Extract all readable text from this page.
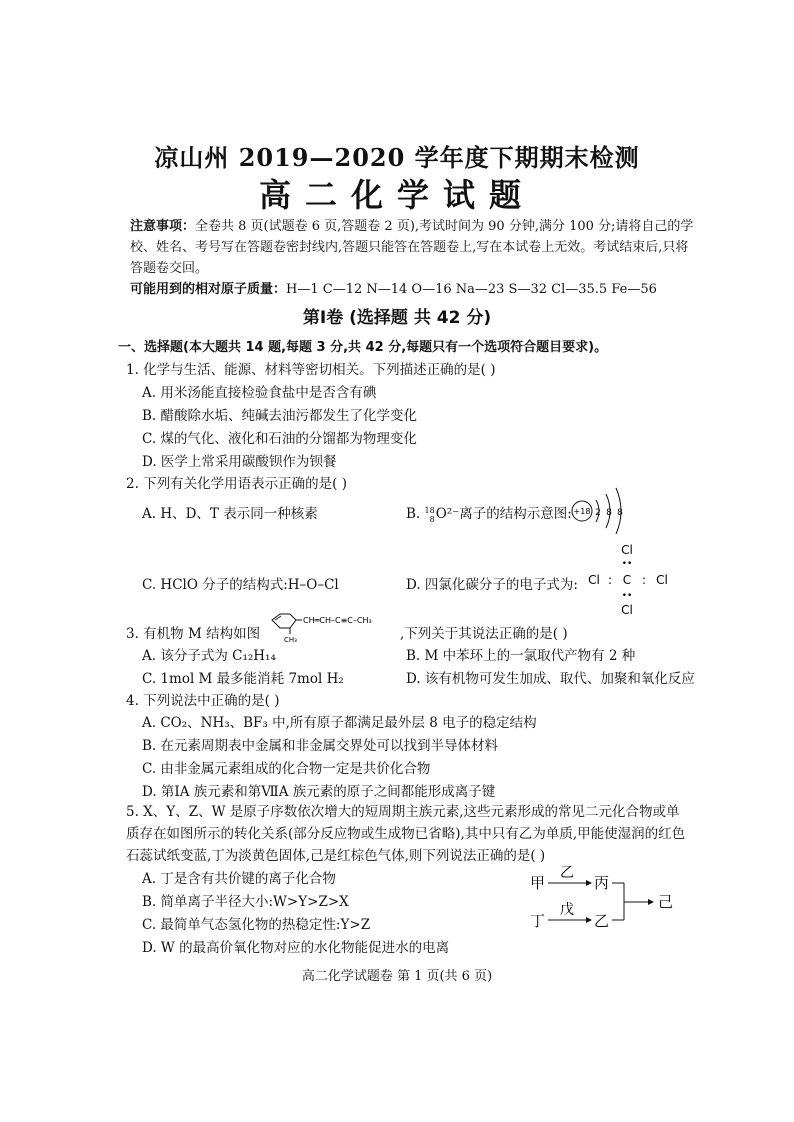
凉山州 2019—2020 学年度下期期末检测
高二化学试题
注意事项：全卷共 8 页(试题卷 6 页,答题卷 2 页),考试时间为 90 分钟,满分 100 分;请将自己的学校、姓名、考号写在答题卷密封线内,答题只能答在答题卷上,写在本试卷上无效。考试结束后,只将答题卷交回。
可能用到的相对原子质量：H—1 C—12 N—14 O—16 Na—23 S—32 Cl—35.5 Fe—56
第Ⅰ卷 (选择题 共 42 分)
一、选择题(本大题共 14 题,每题 3 分,共 42 分,每题只有一个选项符合题目要求)。
1. 化学与生活、能源、材料等密切相关。下列描述正确的是( )
A. 用米汤能直接检验食盐中是否含有碘
B. 醋酸除水垢、纯碱去油污都发生了化学变化
C. 煤的气化、液化和石油的分馏都为物理变化
D. 医学上常采用碳酸钡作为钡餐
2. 下列有关化学用语表示正确的是( )
A. H、D、T 表示同一种核素	B. 18
8O²⁻离子的结构示意图: +18 2 8 8
C. HClO 分子的结构式:H–O–Cl	D. 四氯化碳分子的电子式为:
Cl
••
Cl : C : Cl
••
Cl
3. 有机物 M 结构如图
CH═CH–C≡C–CH₃
CH₃	,下列关于其说法正确的是( )
A. 该分子式为 C₁₂H₁₄	B. M 中苯环上的一氯取代产物有 2 种
C. 1mol M 最多能消耗 7mol H₂	D. 该有机物可发生加成、取代、加聚和氧化反应
4. 下列说法中正确的是( )
A. CO₂、NH₃、BF₃ 中,所有原子都满足最外层 8 电子的稳定结构
B. 在元素周期表中金属和非金属交界处可以找到半导体材料
C. 由非金属元素组成的化合物一定是共价化合物
D. 第ⅠA 族元素和第ⅦA 族元素的原子之间都能形成离子键
5. X、Y、Z、W 是原子序数依次增大的短周期主族元素,这些元素形成的常见二元化合物或单质存在如图所示的转化关系(部分反应物或生成物已省略),其中只有乙为单质,甲能使湿润的红色石蕊试纸变蓝,丁为淡黄色固体,己是红棕色气体,则下列说法正确的是( )
A. 丁是含有共价键的离子化合物
B. 简单离子半径大小:W>Y>Z>X
C. 最简单气态氢化物的热稳定性:Y>Z
D. W 的最高价氧化物对应的水化物能促进水的电离
甲
乙
丙
丁
戊
乙
己
高二化学试题卷 第 1 页(共 6 页)
